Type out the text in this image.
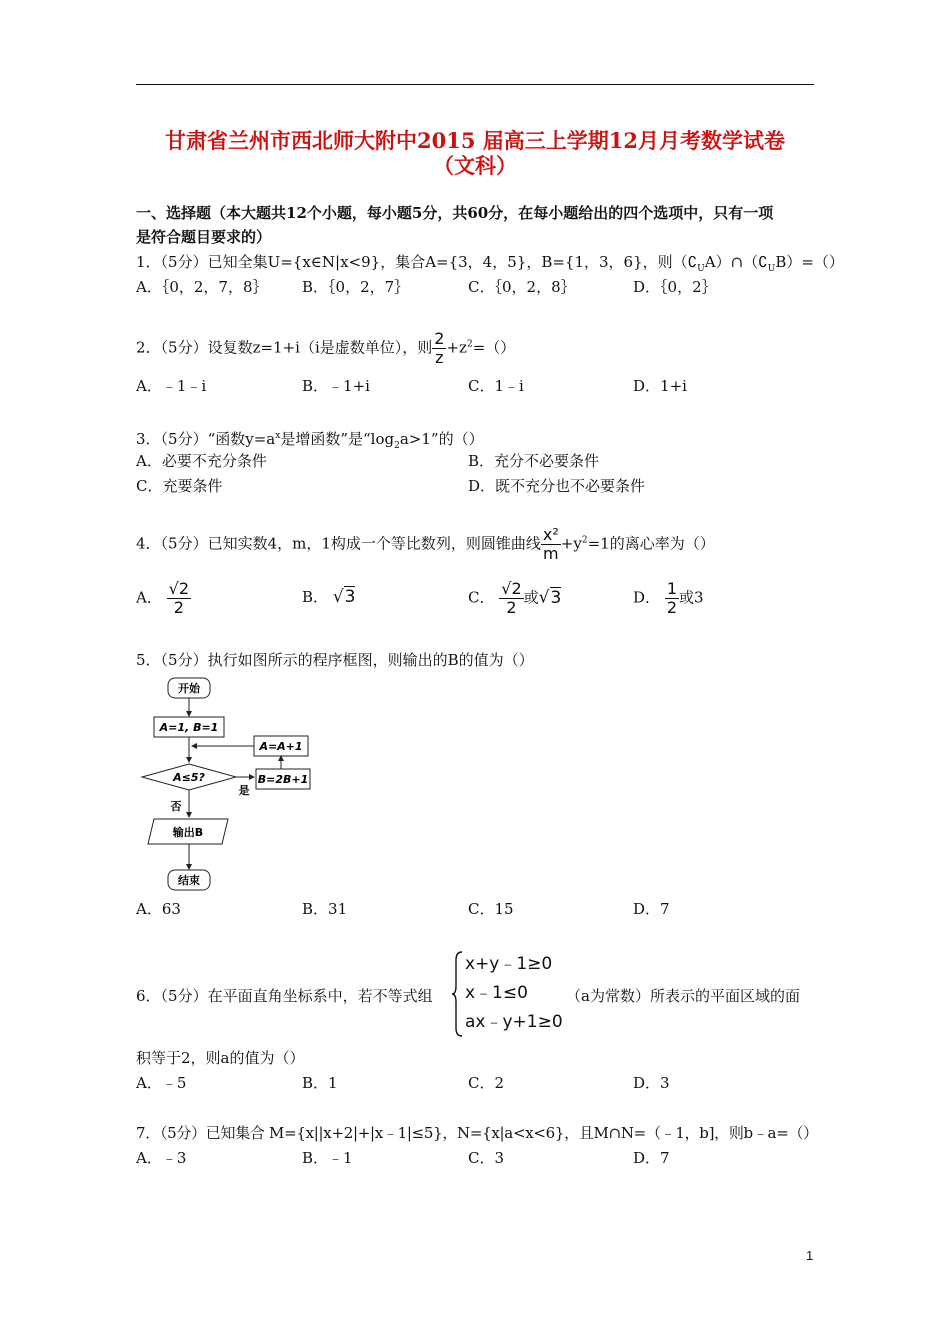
甘肃省兰州市西北师大附中2015 届高三上学期12月月考数学试卷
（文科）
一、选择题（本大题共12个小题，每小题5分，共60分，在每小题给出的四个选项中，只有一项
是符合题目要求的）
1．（5分）已知全集U={x∈N|x<9}，集合A={3，4，5}，B={1，3，6}，则$(∁_UA)\cap(∁_UB)=()$
A．｛0，2，7，8｝ B．｛0，2，7｝	C．｛0，2，8｝	D．｛0，2｝
2．（5分）设复数z=1+i（i是虚数单位），则 $\frac{2}{z} +z^2=()$
A．﹣1﹣i	B．﹣1+i	C．1﹣i	D．1+i
3．（5分）“函数$y=a^x$是增函数”是“$\log_2a>1$”的（）
A．必要不充分条件	B．充分不必要条件
C．充要条件	D．既不充分也不必要条件
4．（5分）已知实数4，m，1构成一个等比数列，则圆锥曲线 $\frac{\text{x²}}{m} +y^2=1$的离心率为（）
A． $\frac{√2}{2}$	B． √3	C． $\frac{√2}{2}$ 或√3	D． $\frac{1}{2}$ 或3
5．（5分）执行如图所示的程序框图，则输出的B的值为（）
开始
A=1, B=1
A=A+1
A≤5?	B=2B+1
是
否
输出B
结束
A．63	B．31	C．15	D．7
6．（5分）在平面直角坐标系中，若不等式组
x+y﹣1≥0
x﹣1≤0
ax﹣y+1≥0
（a为常数）所表示的平面区域的面
积等于2，则a的值为（）
A．﹣5	B．1	C．2	D．3
7．（5分）已知集合 M={x||x+2|+|x﹣1|≤5}，N={x|a<x<6}，且M∩N=（﹣1，b]，则b﹣a=（）
A．﹣3	B．﹣1	C．3	D．7
1
